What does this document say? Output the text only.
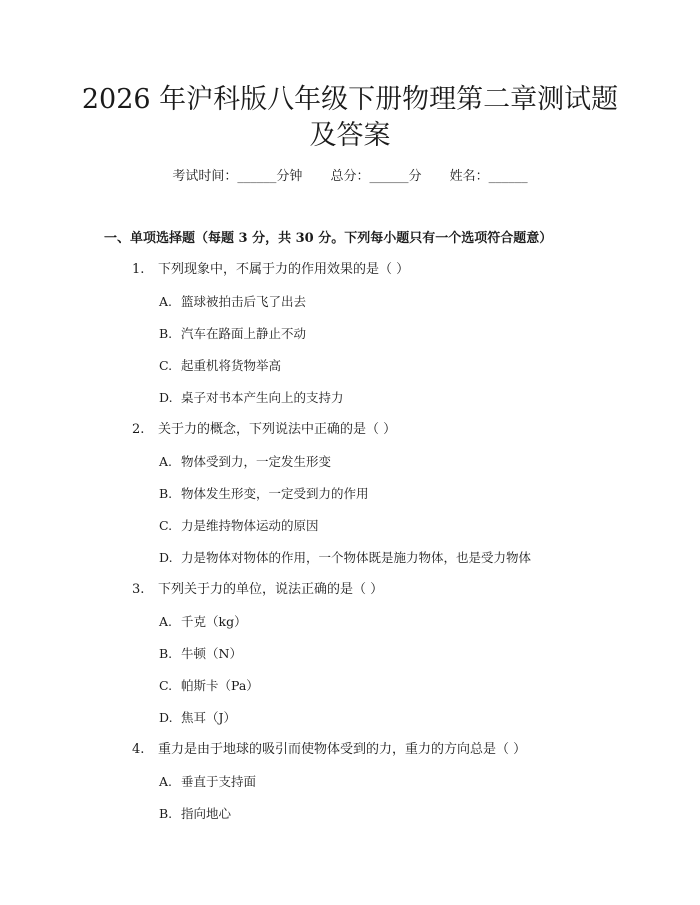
2026 年沪科版八年级下册物理第二章测试题
及答案
考试时间：______分钟 总分：______分 姓名：______
一、单项选择题（每题 3 分，共 30 分。下列每小题只有一个选项符合题意）
1. 下列现象中，不属于力的作用效果的是（ ）
A. 篮球被拍击后飞了出去
B. 汽车在路面上静止不动
C. 起重机将货物举高
D. 桌子对书本产生向上的支持力
2. 关于力的概念，下列说法中正确的是（ ）
A. 物体受到力，一定发生形变
B. 物体发生形变，一定受到力的作用
C. 力是维持物体运动的原因
D. 力是物体对物体的作用，一个物体既是施力物体，也是受力物体
3. 下列关于力的单位，说法正确的是（ ）
A. 千克（kg）
B. 牛顿（N）
C. 帕斯卡（Pa）
D. 焦耳（J）
4. 重力是由于地球的吸引而使物体受到的力，重力的方向总是（ ）
A. 垂直于支持面
B. 指向地心
